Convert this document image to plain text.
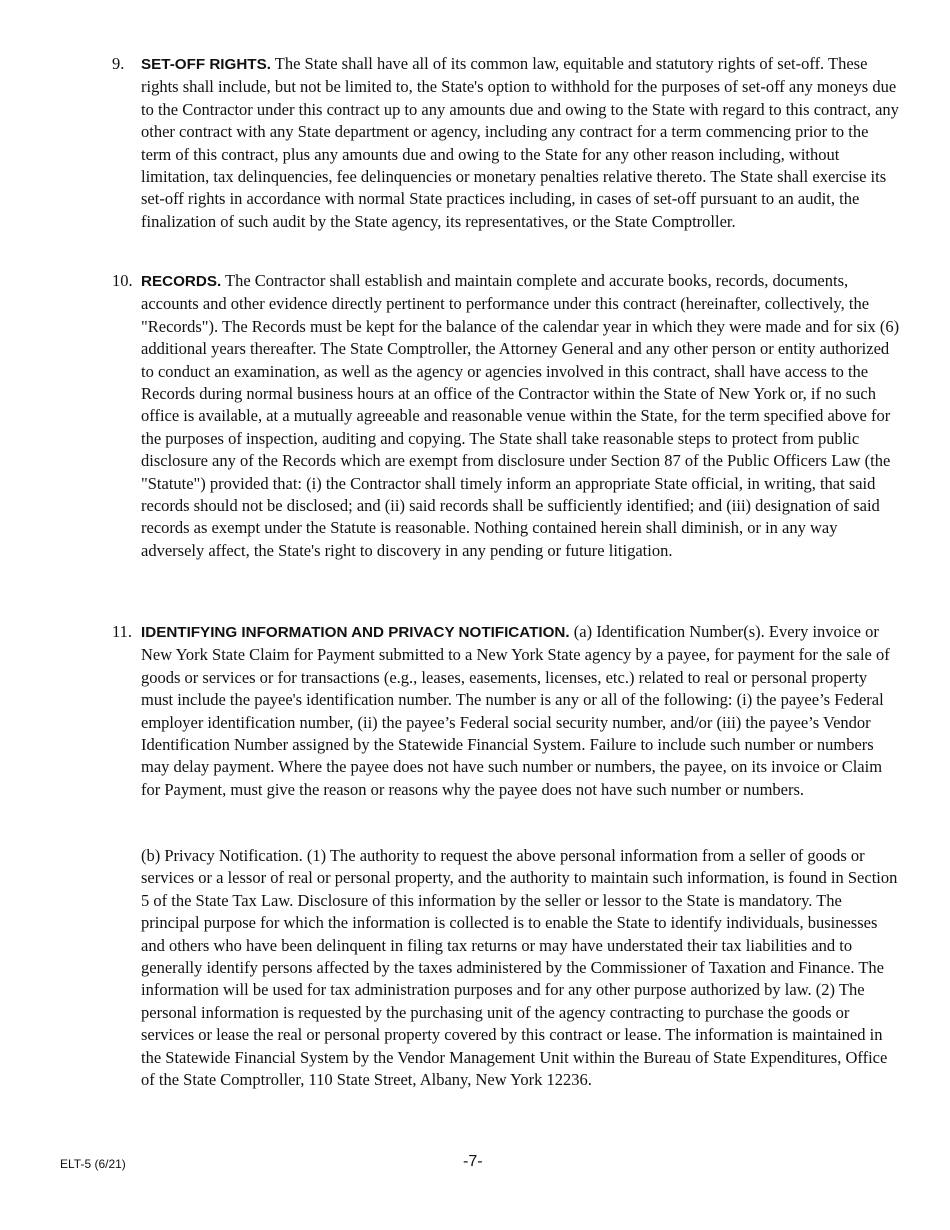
9. SET-OFF RIGHTS. The State shall have all of its common law, equitable and statutory rights of set-off. These rights shall include, but not be limited to, the State's option to withhold for the purposes of set-off any moneys due to the Contractor under this contract up to any amounts due and owing to the State with regard to this contract, any other contract with any State department or agency, including any contract for a term commencing prior to the term of this contract, plus any amounts due and owing to the State for any other reason including, without limitation, tax delinquencies, fee delinquencies or monetary penalties relative thereto. The State shall exercise its set-off rights in accordance with normal State practices including, in cases of set-off pursuant to an audit, the finalization of such audit by the State agency, its representatives, or the State Comptroller.
10. RECORDS. The Contractor shall establish and maintain complete and accurate books, records, documents, accounts and other evidence directly pertinent to performance under this contract (hereinafter, collectively, the "Records"). The Records must be kept for the balance of the calendar year in which they were made and for six (6) additional years thereafter. The State Comptroller, the Attorney General and any other person or entity authorized to conduct an examination, as well as the agency or agencies involved in this contract, shall have access to the Records during normal business hours at an office of the Contractor within the State of New York or, if no such office is available, at a mutually agreeable and reasonable venue within the State, for the term specified above for the purposes of inspection, auditing and copying. The State shall take reasonable steps to protect from public disclosure any of the Records which are exempt from disclosure under Section 87 of the Public Officers Law (the "Statute") provided that: (i) the Contractor shall timely inform an appropriate State official, in writing, that said records should not be disclosed; and (ii) said records shall be sufficiently identified; and (iii) designation of said records as exempt under the Statute is reasonable. Nothing contained herein shall diminish, or in any way adversely affect, the State's right to discovery in any pending or future litigation.
11. IDENTIFYING INFORMATION AND PRIVACY NOTIFICATION. (a) Identification Number(s). Every invoice or New York State Claim for Payment submitted to a New York State agency by a payee, for payment for the sale of goods or services or for transactions (e.g., leases, easements, licenses, etc.) related to real or personal property must include the payee's identification number. The number is any or all of the following: (i) the payee’s Federal employer identification number, (ii) the payee’s Federal social security number, and/or (iii) the payee’s Vendor Identification Number assigned by the Statewide Financial System. Failure to include such number or numbers may delay payment. Where the payee does not have such number or numbers, the payee, on its invoice or Claim for Payment, must give the reason or reasons why the payee does not have such number or numbers.
(b) Privacy Notification. (1) The authority to request the above personal information from a seller of goods or services or a lessor of real or personal property, and the authority to maintain such information, is found in Section 5 of the State Tax Law. Disclosure of this information by the seller or lessor to the State is mandatory. The principal purpose for which the information is collected is to enable the State to identify individuals, businesses and others who have been delinquent in filing tax returns or may have understated their tax liabilities and to generally identify persons affected by the taxes administered by the Commissioner of Taxation and Finance. The information will be used for tax administration purposes and for any other purpose authorized by law. (2) The personal information is requested by the purchasing unit of the agency contracting to purchase the goods or services or lease the real or personal property covered by this contract or lease. The information is maintained in the Statewide Financial System by the Vendor Management Unit within the Bureau of State Expenditures, Office of the State Comptroller, 110 State Street, Albany, New York 12236.
ELT-5 (6/21)	-7-
